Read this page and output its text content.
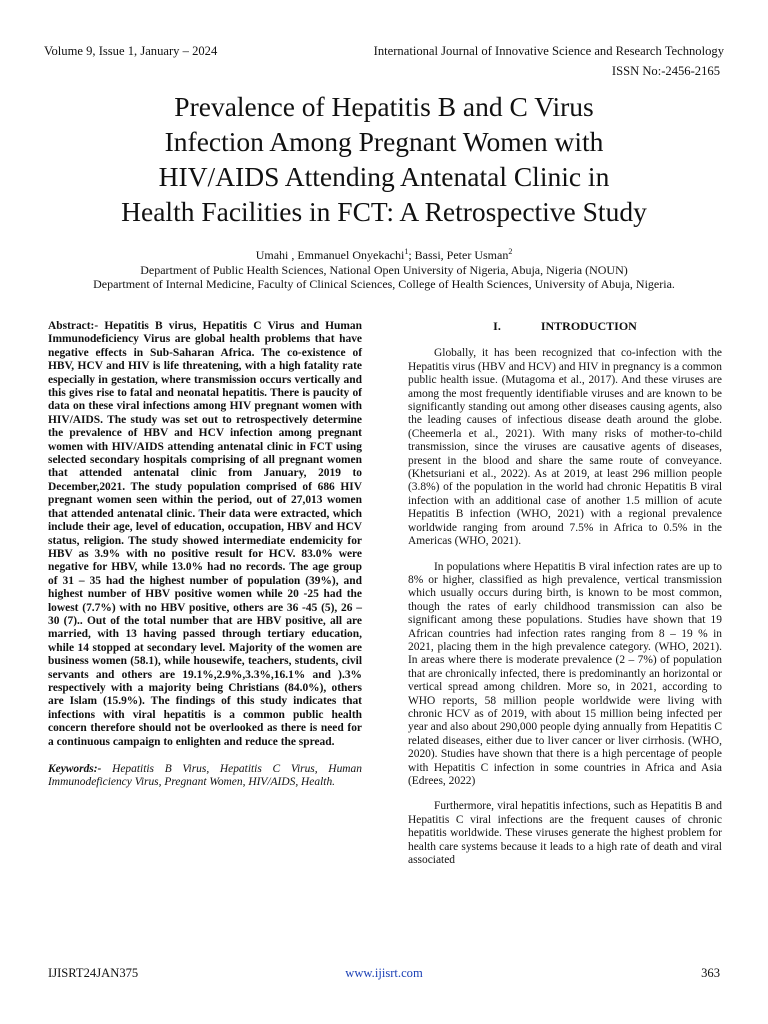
Volume 9, Issue 1, January – 2024	International Journal of Innovative Science and Research Technology
ISSN No:-2456-2165
Prevalence of Hepatitis B and C Virus
Infection Among Pregnant Women with
HIV/AIDS Attending Antenatal Clinic in
Health Facilities in FCT: A Retrospective Study
Umahi , Emmanuel Onyekachi$^1$; Bassi, Peter Usman$^2$
Department of Public Health Sciences, National Open University of Nigeria, Abuja, Nigeria (NOUN)
Department of Internal Medicine, Faculty of Clinical Sciences, College of Health Sciences, University of Abuja, Nigeria.

Abstract:- Hepatitis B virus, Hepatitis C Virus and Human Immunodeficiency Virus are global health problems that have negative effects in Sub-Saharan Africa. The co-existence of HBV, HCV and HIV is life threatening, with a high fatality rate especially in gestation, where transmission occurs vertically and this gives rise to fatal and neonatal hepatitis. There is paucity of data on these viral infections among HIV pregnant women with HIV/AIDS. The study was set out to retrospectively determine the prevalence of HBV and HCV infection among pregnant women with HIV/AIDS attending antenatal clinic in FCT using selected secondary hospitals comprising of all pregnant women that attended antenatal clinic from January, 2019 to December,2021. The study population comprised of 686 HIV pregnant women seen within the period, out of 27,013 women that attended antenatal clinic. Their data were extracted, which include their age, level of education, occupation, HBV and HCV status, religion. The study showed intermediate endemicity for HBV as 3.9% with no positive result for HCV. 83.0% were negative for HBV, while 13.0% had no records. The age group of 31 – 35 had the highest number of population (39%), and highest number of HBV positive women while 20 -25 had the lowest (7.7%) with no HBV positive, others are 36 -45 (5), 26 – 30 (7).. Out of the total number that are HBV positive, all are married, with 13 having passed through tertiary education, while 14 stopped at secondary level. Majority of the women are business women (58.1), while housewife, teachers, students, civil servants and others are 19.1%,2.9%,3.3%,16.1% and ).3% respectively with a majority being Christians (84.0%), others are Islam (15.9%). The findings of this study indicates that infections with viral hepatitis is a common public health concern therefore should not be overlooked as there is need for a continuous campaign to enlighten and reduce the spread.

Keywords:- Hepatitis B Virus, Hepatitis C Virus, Human Immunodeficiency Virus, Pregnant Women, HIV/AIDS, Health.

I.	INTRODUCTION

Globally, it has been recognized that co-infection with the Hepatitis virus (HBV and HCV) and HIV in pregnancy is a common public health issue. (Mutagoma et al., 2017). And these viruses are among the most frequently identifiable viruses and are known to be significantly standing out among other diseases causing agents, also the leading causes of infectious disease death around the globe. (Cheemerla et al., 2021). With many risks of mother-to-child transmission, since the viruses are causative agents of diseases, present in the blood and share the same route of conveyance. (Khetsuriani et al., 2022). As at 2019, at least 296 million people (3.8%) of the population in the world had chronic Hepatitis B viral infection with an additional case of another 1.5 million of acute Hepatitis B infection (WHO, 2021) with a regional prevalence worldwide ranging from around 7.5% in Africa to 0.5% in the Americas (WHO, 2021).

In populations where Hepatitis B viral infection rates are up to 8% or higher, classified as high prevalence, vertical transmission which usually occurs during birth, is known to be most common, though the rates of early childhood transmission can also be significant among these populations. Studies have shown that 19 African countries had infection rates ranging from 8 – 19 % in 2021, placing them in the high prevalence category. (WHO, 2021). In areas where there is moderate prevalence (2 – 7%) of population that are chronically infected, there is predominantly an horizontal or vertical spread among children. More so, in 2021, according to WHO reports, 58 million people worldwide were living with chronic HCV as of 2019, with about 15 million being infected per year and also about 290,000 people dying annually from Hepatitis C related diseases, either due to liver cancer or liver cirrhosis. (WHO, 2020). Studies have shown that there is a high percentage of people with Hepatitis C infection in some countries in Africa and Asia (Edrees, 2022)

Furthermore, viral hepatitis infections, such as Hepatitis B and Hepatitis C viral infections are the frequent causes of chronic hepatitis worldwide. These viruses generate the highest problem for health care systems because it leads to a high rate of death and viral associated

IJISRT24JAN375	www.ijisrt.com	363
